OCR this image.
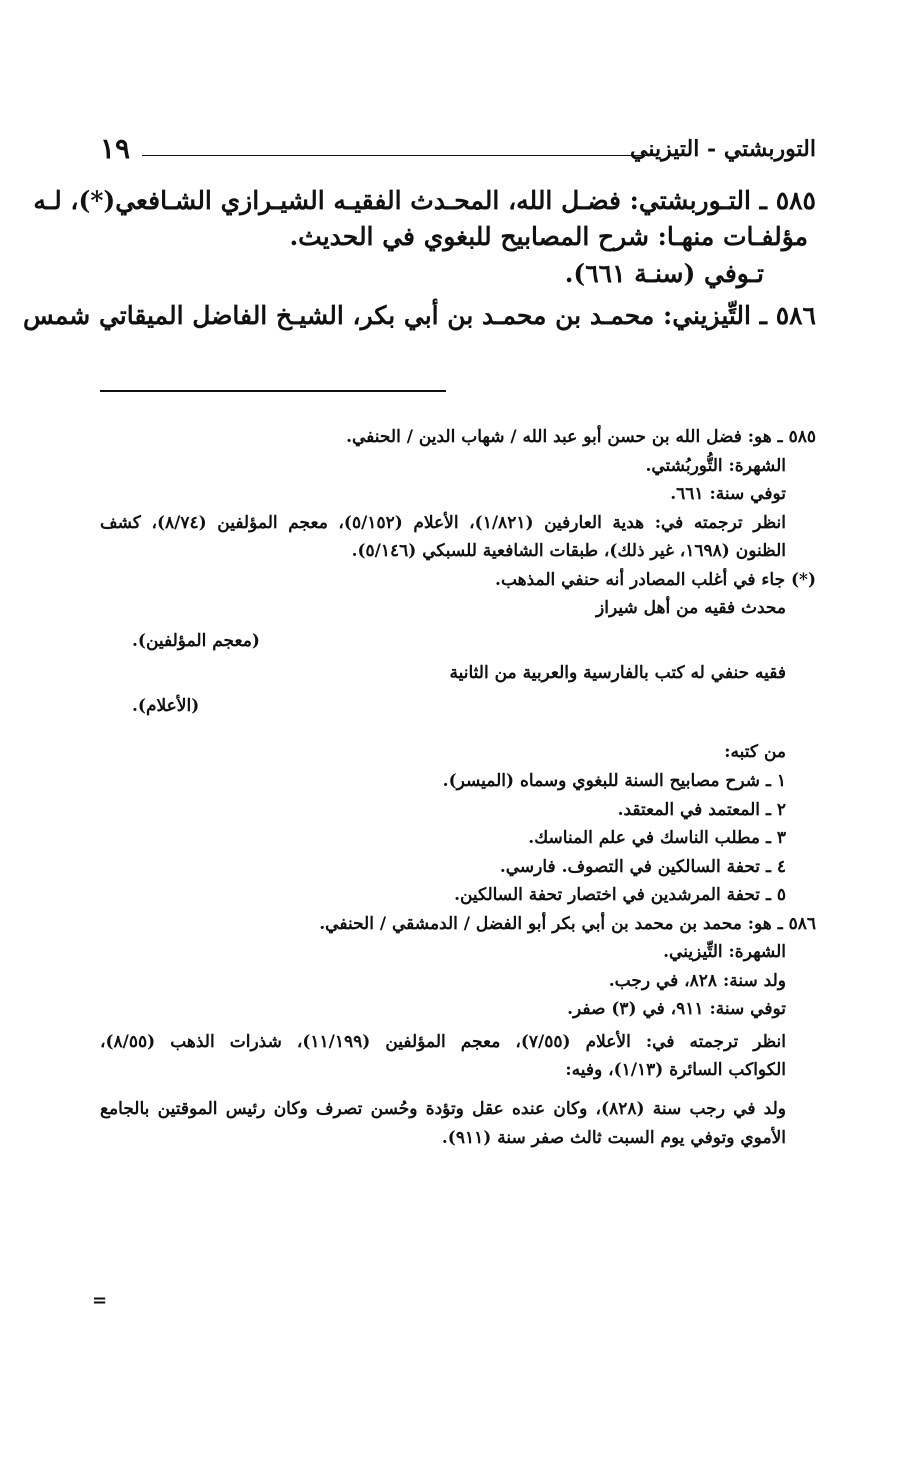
التوربشتي - التيزيني
١٩

٥٨٥ ـ التـوربشتي: فضـل الله، المحـدث الفقيـه الشيـرازي الشـافعي(*)، لـه

مؤلفـات منهـا: شرح المصابيح للبغوي في الحديث.

تـوفي (سنـة ٦٦١).

٥٨٦ ـ التِّيزيني: محمـد بن محمـد بن أبي بكر، الشيـخ الفاضل الميقاتي شمس

٥٨٥ ـ هو: فضل الله بن حسن أبو عبد الله / شهاب الدين / الحنفي.

الشهرة: التُّوربُشتي.

توفي سنة: ٦٦١.

انظر ترجمته في: هدية العارفين (١/٨٢١)، الأعلام (٥/١٥٢)، معجم المؤلفين (٨/٧٤)، كشف

الظنون (١٦٩٨، غير ذلك)، طبقات الشافعية للسبكي (٥/١٤٦).

(*) جاء في أغلب المصادر أنه حنفي المذهب.

محدث فقيه من أهل شيراز

(معجم المؤلفين).

فقيه حنفي له كتب بالفارسية والعربية من الثانية

(الأعلام).

من كتبه:

١ ـ شرح مصابيح السنة للبغوي وسماه (الميسر).

٢ ـ المعتمد في المعتقد.

٣ ـ مطلب الناسك في علم المناسك.

٤ ـ تحفة السالكين في التصوف. فارسي.

٥ ـ تحفة المرشدين في اختصار تحفة السالكين.

٥٨٦ ـ هو: محمد بن محمد بن أبي بكر أبو الفضل / الدمشقي / الحنفي.

الشهرة: التِّيزيني.

ولد سنة: ٨٢٨، في رجب.

توفي سنة: ٩١١، في (٣) صفر.

انظر ترجمته في: الأعلام (٧/٥٥)، معجم المؤلفين (١١/١٩٩)، شذرات الذهب (٨/٥٥)،

الكواكب السائرة (١/١٣)، وفيه:

ولد في رجب سنة (٨٢٨)، وكان عنده عقل وتؤدة وحُسن تصرف وكان رئيس الموقتين بالجامع

الأموي وتوفي يوم السبت ثالث صفر سنة (٩١١).

=
